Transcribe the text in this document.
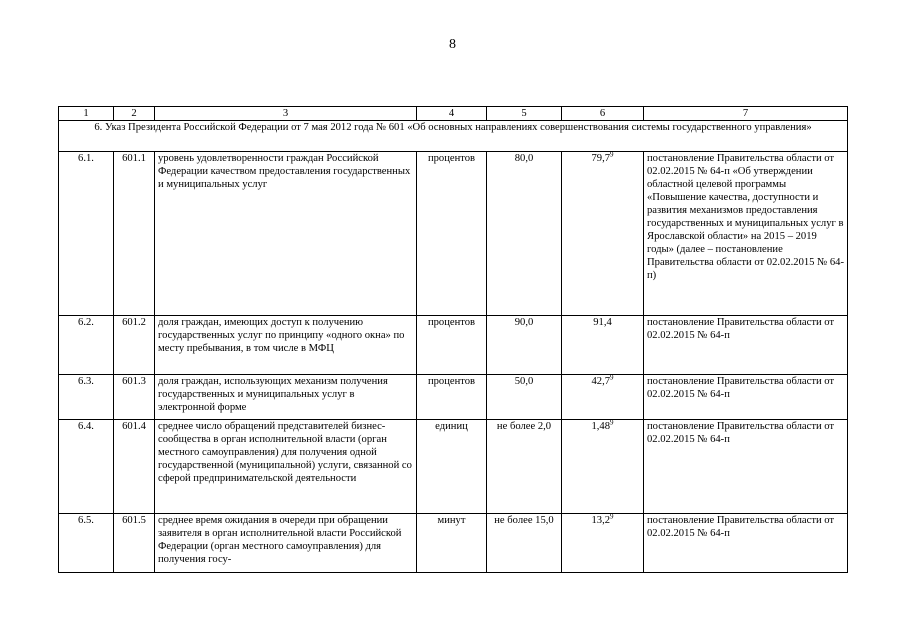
8
1	2	3	4	5	6	7
6. Указ Президента Российской Федерации от 7 мая 2012 года № 601 «Об основных направлениях совершенствования системы государственного управления»						
6.1.	601.1	уровень удовлетворенности граждан Российской Федерации качеством предоставления государственных и муниципальных услуг	процентов	80,0	79,7$^9$	постановление Правительства области от 02.02.2015 № 64-п «Об утверждении областной целевой программы «Повышение качества, доступности и развития механизмов предоставления государственных и муниципальных услуг в Ярославской области» на 2015 – 2019 годы» (далее – постановление Правительства области от 02.02.2015 № 64-п)
6.2.	601.2	доля граждан, имеющих доступ к получению государственных услуг по принципу «одного окна» по месту пребывания, в том числе в МФЦ	процентов	90,0	91,4	постановление Правительства области от 02.02.2015 № 64-п
6.3.	601.3	доля граждан, использующих механизм получения государственных и муниципальных услуг в электронной форме	процентов	50,0	42,7$^9$	постановление Правительства области от 02.02.2015 № 64-п
6.4.	601.4	среднее число обращений представителей бизнес-сообщества в орган исполнительной власти (орган местного самоуправления) для получения одной государственной (муниципальной) услуги, связанной со сферой предпринимательской деятельности	единиц	не более 2,0	1,48$^9$	постановление Правительства области от 02.02.2015 № 64-п
6.5.	601.5	среднее время ожидания в очереди при обращении заявителя в орган исполнительной власти Российской Федерации (орган местного самоуправления) для получения госу-	минут	не более 15,0	13,2$^9$	постановление Правительства области от 02.02.2015 № 64-п
